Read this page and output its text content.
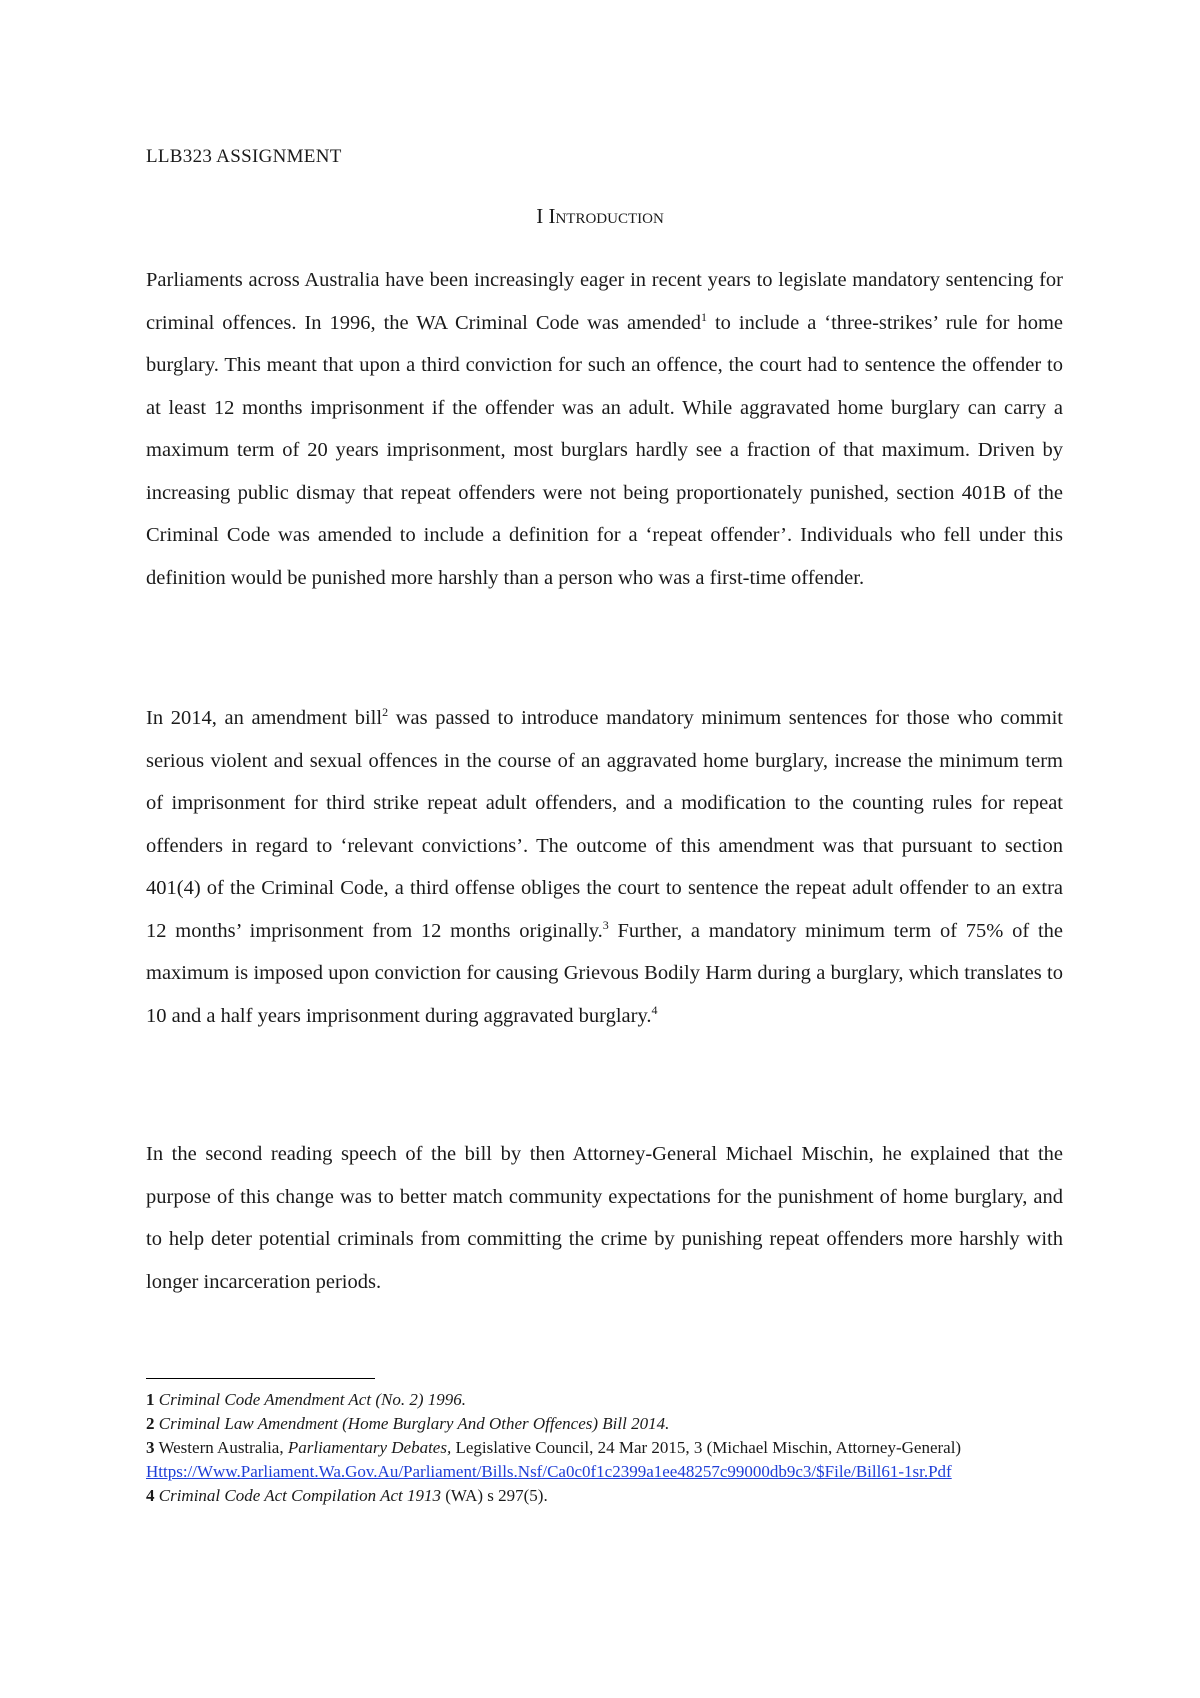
LLB323 ASSIGNMENT
I Introduction

Parliaments across Australia have been increasingly eager in recent years to legislate mandatory sentencing for criminal offences. In 1996, the WA Criminal Code was amended$^1$ to include a ‘three-strikes’ rule for home burglary. This meant that upon a third conviction for such an offence, the court had to sentence the offender to at least 12 months imprisonment if the offender was an adult. While aggravated home burglary can carry a maximum term of 20 years imprisonment, most burglars hardly see a fraction of that maximum. Driven by increasing public dismay that repeat offenders were not being proportionately punished, section 401B of the Criminal Code was amended to include a definition for a ‘repeat offender’. Individuals who fell under this definition would be punished more harshly than a person who was a first-time offender.

In 2014, an amendment bill$^2$ was passed to introduce mandatory minimum sentences for those who commit serious violent and sexual offences in the course of an aggravated home burglary, increase the minimum term of imprisonment for third strike repeat adult offenders, and a modification to the counting rules for repeat offenders in regard to ‘relevant convictions’. The outcome of this amendment was that pursuant to section 401(4) of the Criminal Code, a third offense obliges the court to sentence the repeat adult offender to an extra 12 months’ imprisonment from 12 months originally.$^3$ Further, a mandatory minimum term of 75% of the maximum is imposed upon conviction for causing Grievous Bodily Harm during a burglary, which translates to 10 and a half years imprisonment during aggravated burglary.$^4$

In the second reading speech of the bill by then Attorney-General Michael Mischin, he explained that the purpose of this change was to better match community expectations for the punishment of home burglary, and to help deter potential criminals from committing the crime by punishing repeat offenders more harshly with longer incarceration periods.

1 Criminal Code Amendment Act (No. 2) 1996.

2 Criminal Law Amendment (Home Burglary And Other Offences) Bill 2014.

3 Western Australia, Parliamentary Debates, Legislative Council, 24 Mar 2015, 3 (Michael Mischin, Attorney-General)
Https://Www.Parliament.Wa.Gov.Au/Parliament/Bills.Nsf/Ca0c0f1c2399a1ee48257c99000db9c3/$File/Bill61-1sr.Pdf

4 Criminal Code Act Compilation Act 1913 (WA) s 297(5).
